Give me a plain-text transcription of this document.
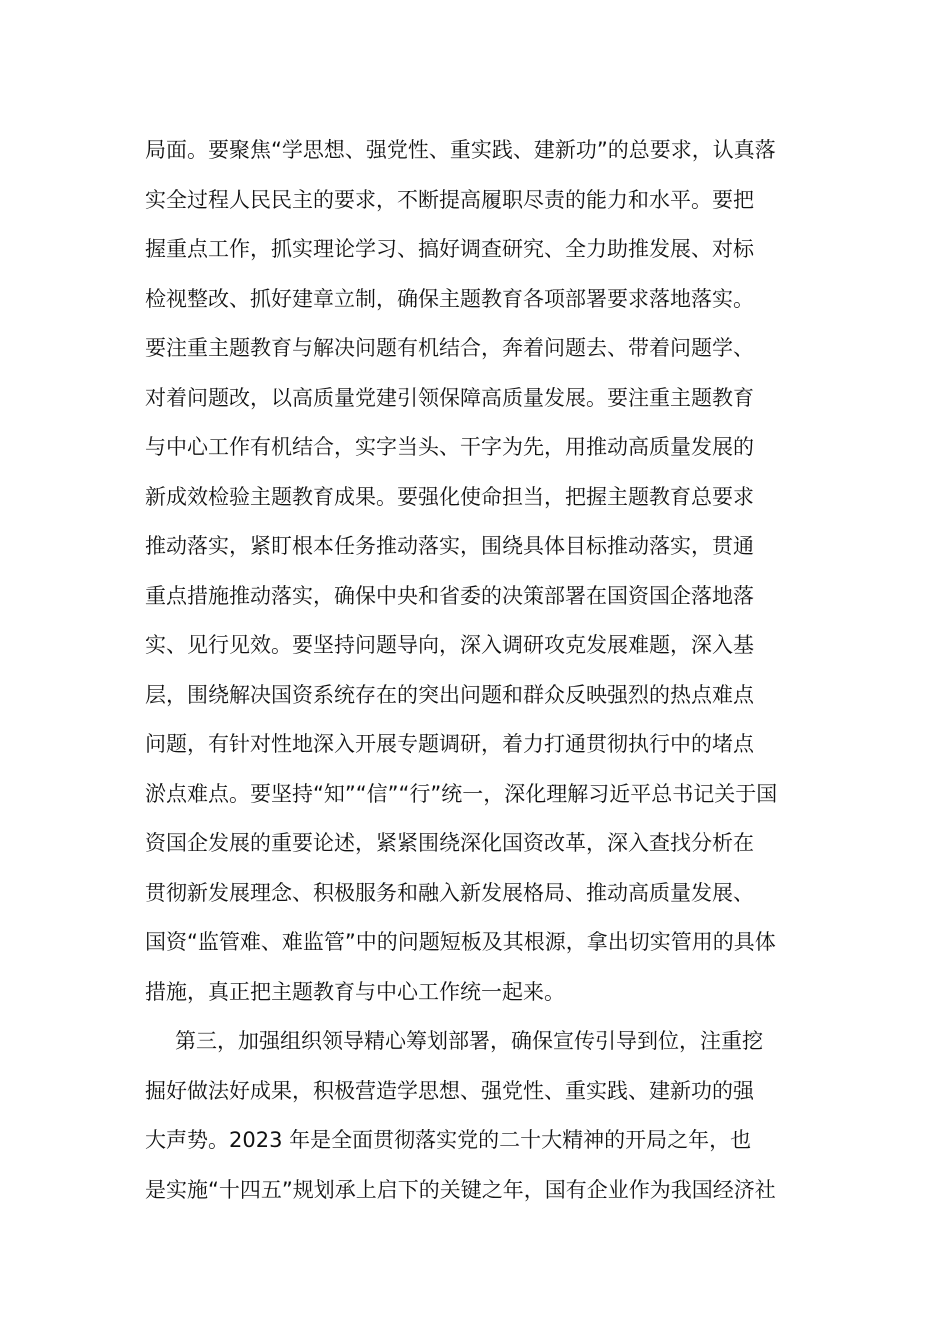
局面。要聚焦“学思想、强党性、重实践、建新功”的总要求，认真落
实全过程人民民主的要求，不断提高履职尽责的能力和水平。要把
握重点工作，抓实理论学习、搞好调查研究、全力助推发展、对标
检视整改、抓好建章立制，确保主题教育各项部署要求落地落实。
要注重主题教育与解决问题有机结合，奔着问题去、带着问题学、
对着问题改，以高质量党建引领保障高质量发展。要注重主题教育
与中心工作有机结合，实字当头、干字为先，用推动高质量发展的
新成效检验主题教育成果。要强化使命担当，把握主题教育总要求
推动落实，紧盯根本任务推动落实，围绕具体目标推动落实，贯通
重点措施推动落实，确保中央和省委的决策部署在国资国企落地落
实、见行见效。要坚持问题导向，深入调研攻克发展难题，深入基
层，围绕解决国资系统存在的突出问题和群众反映强烈的热点难点
问题，有针对性地深入开展专题调研，着力打通贯彻执行中的堵点
淤点难点。要坚持“知”“信”“行”统一，深化理解习近平总书记关于国
资国企发展的重要论述，紧紧围绕深化国资改革，深入查找分析在
贯彻新发展理念、积极服务和融入新发展格局、推动高质量发展、
国资“监管难、难监管”中的问题短板及其根源，拿出切实管用的具体
措施，真正把主题教育与中心工作统一起来。
第三，加强组织领导精心筹划部署，确保宣传引导到位，注重挖
掘好做法好成果，积极营造学思想、强党性、重实践、建新功的强
大声势。2023 年是全面贯彻落实党的二十大精神的开局之年，也
是实施“十四五”规划承上启下的关键之年，国有企业作为我国经济社
